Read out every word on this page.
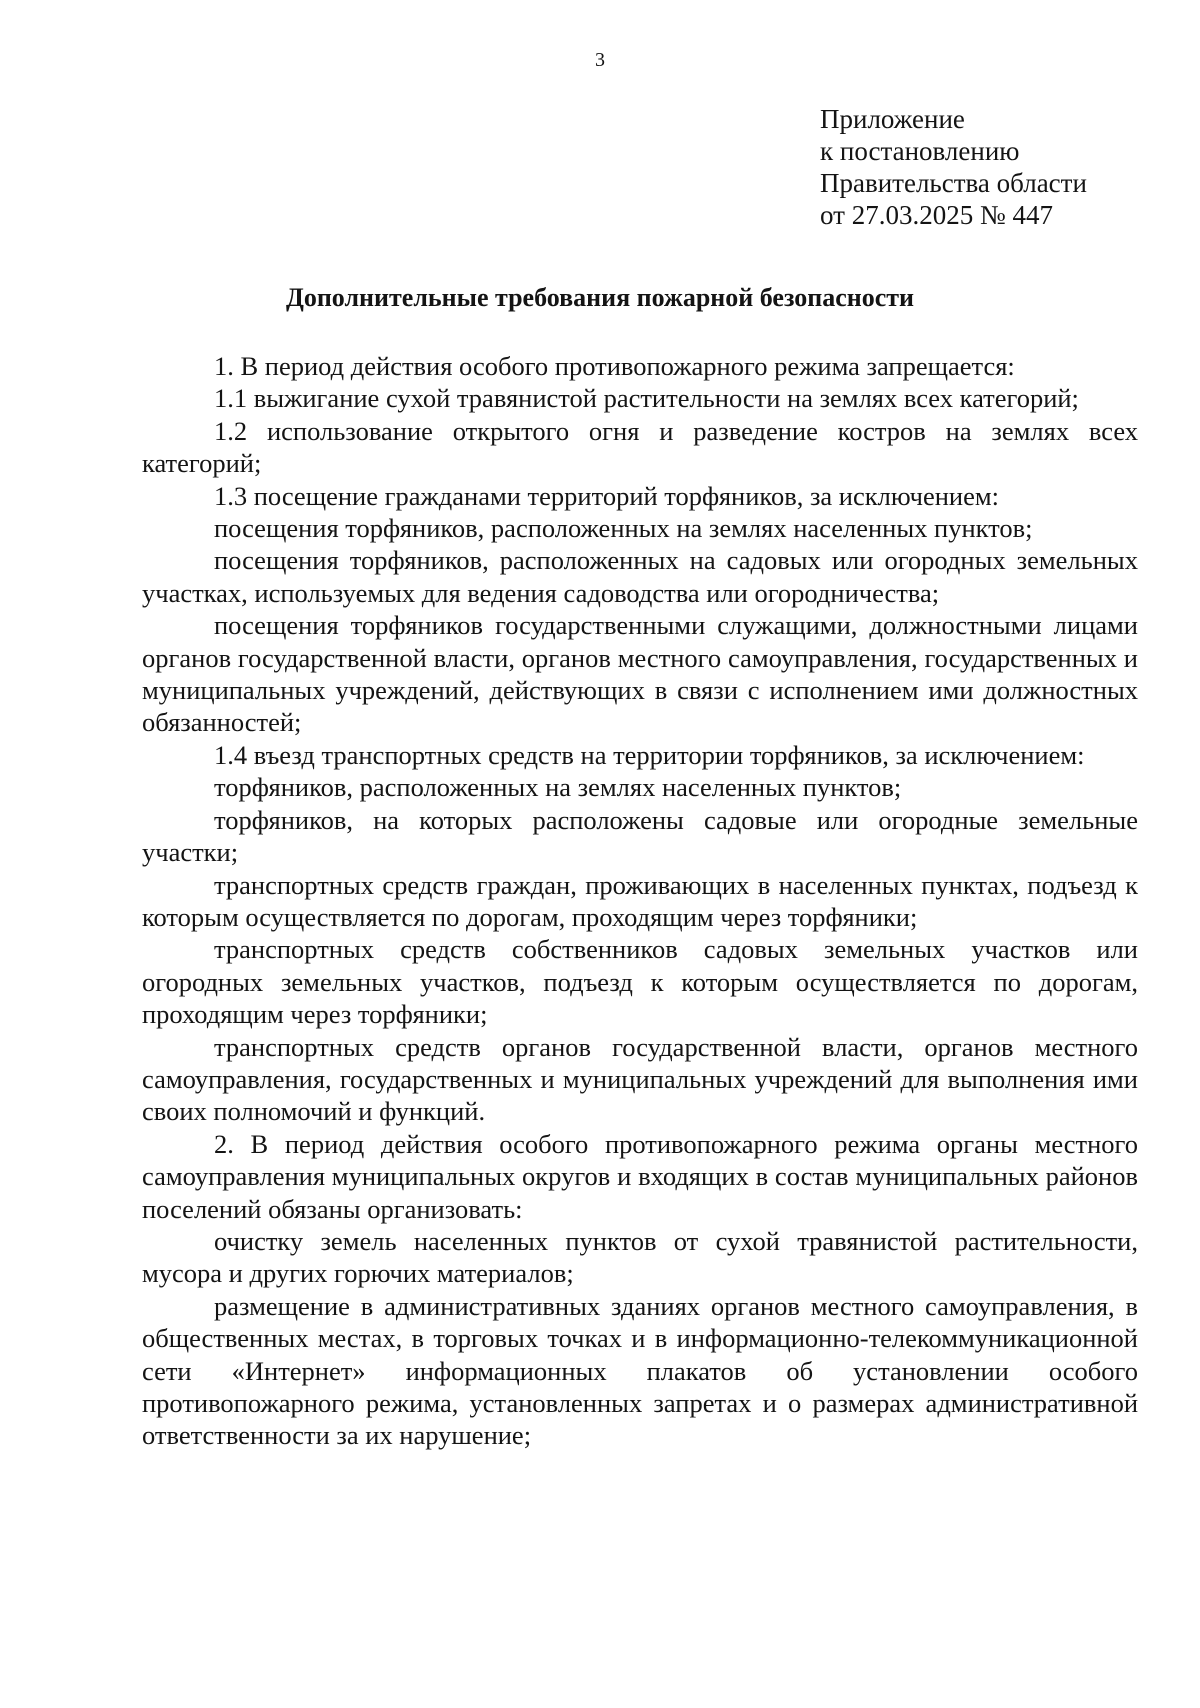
3
Приложение
к постановлению
Правительства области
от 27.03.2025 № 447
Дополнительные требования пожарной безопасности

1. В период действия особого противопожарного режима запрещается:

1.1 выжигание сухой травянистой растительности на землях всех категорий;

1.2 использование открытого огня и разведение костров на землях всех категорий;

1.3 посещение гражданами территорий торфяников, за исключением:

посещения торфяников, расположенных на землях населенных пунктов;

посещения торфяников, расположенных на садовых или огородных земельных участках, используемых для ведения садоводства или огородничества;

посещения торфяников государственными служащими, должностными лицами органов государственной власти, органов местного самоуправления, государственных и муниципальных учреждений, действующих в связи с исполнением ими должностных обязанностей;

1.4 въезд транспортных средств на территории торфяников, за исключением:

торфяников, расположенных на землях населенных пунктов;

торфяников, на которых расположены садовые или огородные земельные участки;

транспортных средств граждан, проживающих в населенных пунктах, подъезд к которым осуществляется по дорогам, проходящим через торфяники;

транспортных средств собственников садовых земельных участков или огородных земельных участков, подъезд к которым осуществляется по дорогам, проходящим через торфяники;

транспортных средств органов государственной власти, органов местного самоуправления, государственных и муниципальных учреждений для выполнения ими своих полномочий и функций.

2. В период действия особого противопожарного режима органы местного самоуправления муниципальных округов и входящих в состав муниципальных районов поселений обязаны организовать:

очистку земель населенных пунктов от сухой травянистой растительности, мусора и других горючих материалов;

размещение в административных зданиях органов местного самоуправления, в общественных местах, в торговых точках и в информационно-телекоммуникационной сети «Интернет» информационных плакатов об установлении особого противопожарного режима, установленных запретах и о размерах административной ответственности за их нарушение;
